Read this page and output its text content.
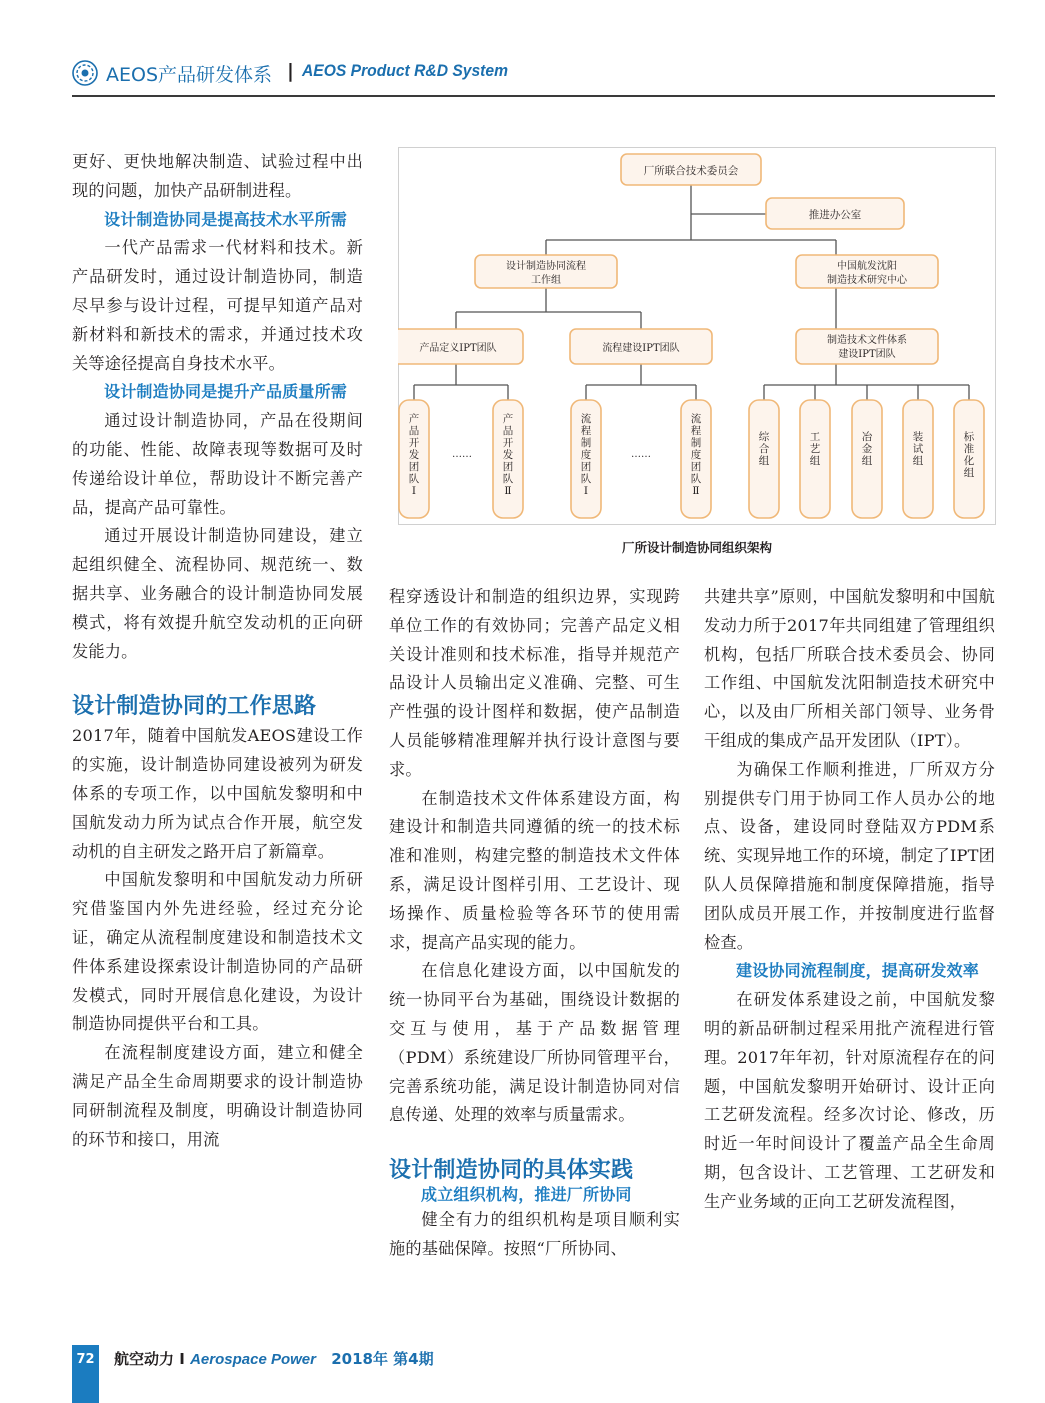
AEOS产品研发体系 | AEOS Product R&D System

更好、更快地解决制造、试验过程中出现的问题，加快产品研制进程。

设计制造协同是提高技术水平所需

一代产品需求一代材料和技术。新产品研发时，通过设计制造协同，制造尽早参与设计过程，可提早知道产品对新材料和新技术的需求，并通过技术攻关等途径提高自身技术水平。

设计制造协同是提升产品质量所需

通过设计制造协同，产品在役期间的功能、性能、故障表现等数据可及时传递给设计单位，帮助设计不断完善产品，提高产品可靠性。

通过开展设计制造协同建设，建立起组织健全、流程协同、规范统一、数据共享、业务融合的设计制造协同发展模式，将有效提升航空发动机的正向研发能力。

设计制造协同的工作思路

2017年，随着中国航发AEOS建设工作的实施，设计制造协同建设被列为研发体系的专项工作，以中国航发黎明和中国航发动力所为试点合作开展，航空发动机的自主研发之路开启了新篇章。

中国航发黎明和中国航发动力所研究借鉴国内外先进经验，经过充分论证，确定从流程制度建设和制造技术文件体系建设探索设计制造协同的产品研发模式，同时开展信息化建设，为设计制造协同提供平台和工具。

在流程制度建设方面，建立和健全满足产品全生命周期要求的设计制造协同研制流程及制度，明确设计制造协同的环节和接口，用流

厂所联合技术委员会
推进办公室
设计制造协同流程
工作组
中国航发沈阳
制造技术研究中心
产品定义IPT团队	流程建设IPT团队
制造技术文件体系
建设IPT团队
……	……
产品开发团队 Ⅰ
产品开发团队 Ⅱ
流程制度团队 Ⅰ
流程制度团队 Ⅱ
综合组
工艺组
冶金组
装试组
标准化组
厂所设计制造协同组织架构

程穿透设计和制造的组织边界，实现跨单位工作的有效协同；完善产品定义相关设计准则和技术标准，指导并规范产品设计人员输出定义准确、完整、可生产性强的设计图样和数据，使产品制造人员能够精准理解并执行设计意图与要求。

在制造技术文件体系建设方面，构建设计和制造共同遵循的统一的技术标准和准则，构建完整的制造技术文件体系，满足设计图样引用、工艺设计、现场操作、质量检验等各环节的使用需求，提高产品实现的能力。

在信息化建设方面，以中国航发的统一协同平台为基础，围绕设计数据的交互与使用，基于产品数据管理（PDM）系统建设厂所协同管理平台，完善系统功能，满足设计制造协同对信息传递、处理的效率与质量需求。

设计制造协同的具体实践

成立组织机构，推进厂所协同

健全有力的组织机构是项目顺利实施的基础保障。按照“厂所协同、

共建共享”原则，中国航发黎明和中国航发动力所于2017年共同组建了管理组织机构，包括厂所联合技术委员会、协同工作组、中国航发沈阳制造技术研究中心，以及由厂所相关部门领导、业务骨干组成的集成产品开发团队（IPT）。

为确保工作顺利推进，厂所双方分别提供专门用于协同工作人员办公的地点、设备，建设同时登陆双方PDM系统、实现异地工作的环境，制定了IPT团队人员保障措施和制度保障措施，指导团队成员开展工作，并按制度进行监督检查。

建设协同流程制度，提高研发效率

在研发体系建设之前，中国航发黎明的新品研制过程采用批产流程进行管理。2017年年初，针对原流程存在的问题，中国航发黎明开始研讨、设计正向工艺研发流程。经多次讨论、修改，历时近一年时间设计了覆盖产品全生命周期，包含设计、工艺管理、工艺研发和生产业务域的正向工艺研发流程图，

72 航空动力 I Aerospace Power 2018年 第4期
